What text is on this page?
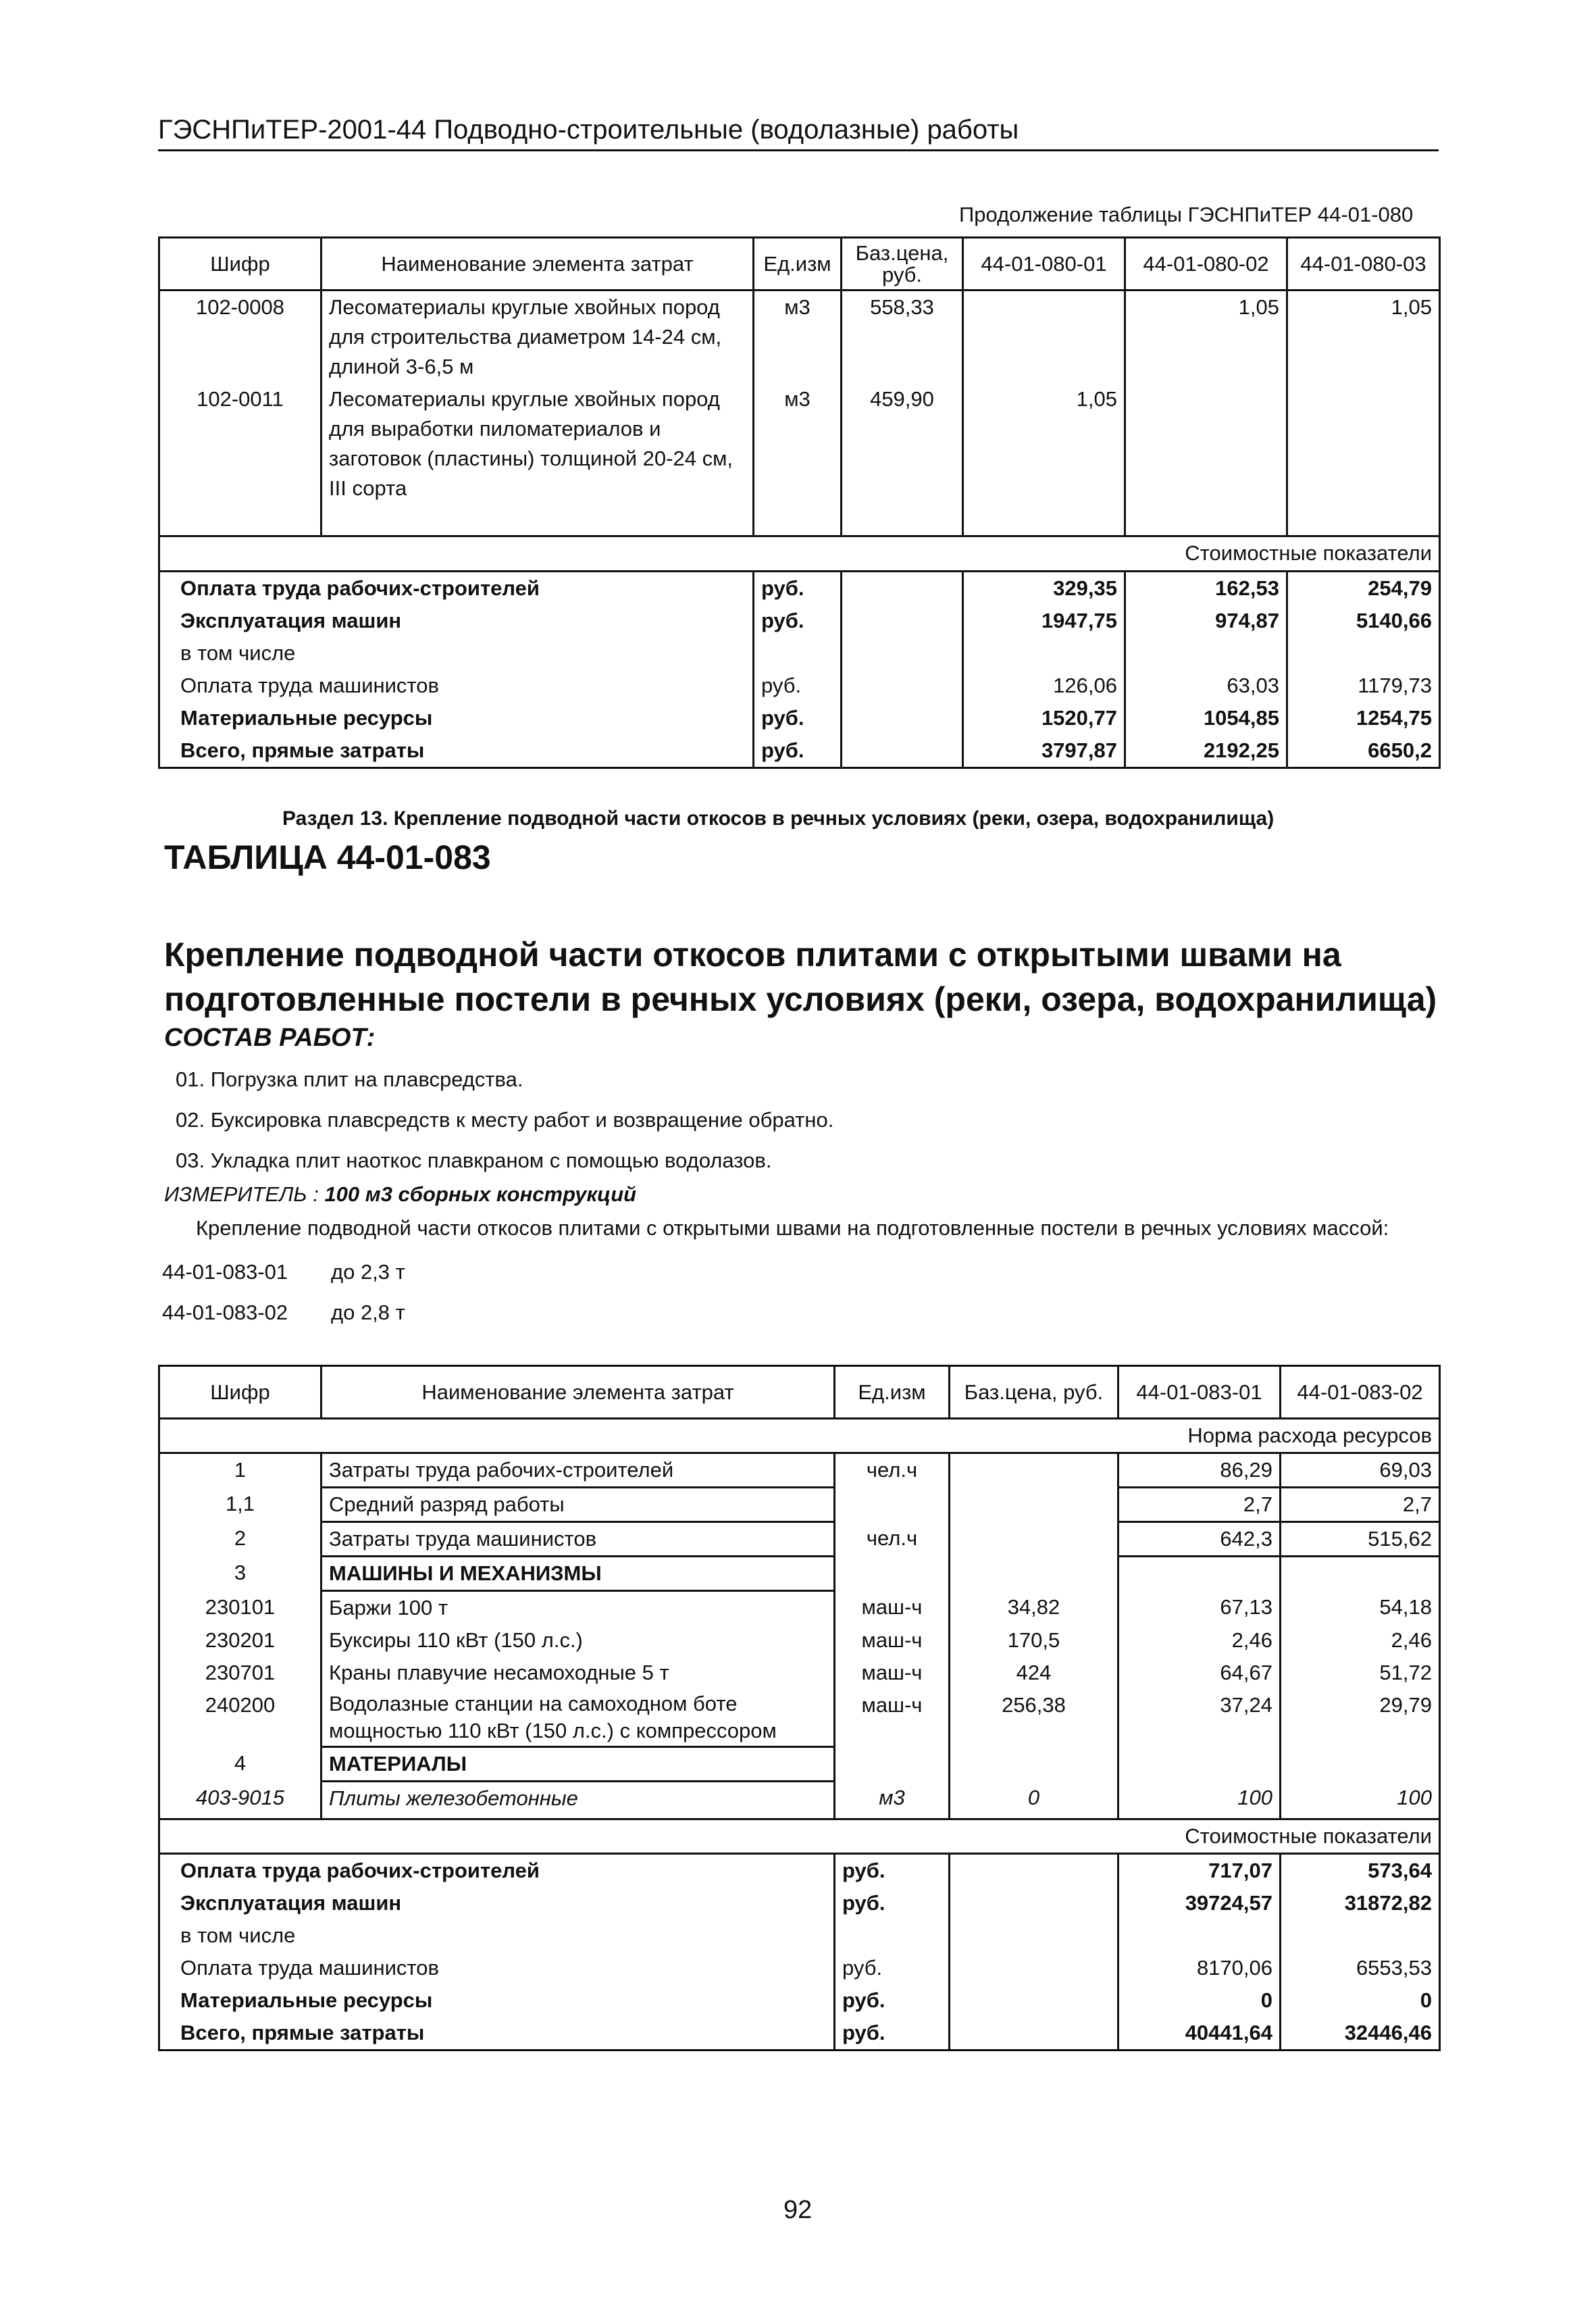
ГЭСНПиТЕР-2001-44 Подводно-строительные (водолазные) работы
Продолжение таблицы ГЭСНПиТЕР 44-01-080
Шифр	Наименование элемента затрат	Ед.изм	Баз.цена, руб.	44-01-080-01	44-01-080-02	44-01-080-03
102-0008	Лесоматериалы круглые хвойных пород для строительства диаметром 14-24 см, длиной 3-6,5 м	м3	558,33		1,05	1,05
102-0011	Лесоматериалы круглые хвойных пород для выработки пиломатериалов и заготовок (пластины) толщиной 20-24 см, III сорта	м3	459,90	1,05		
Стоимостные показатели						
Оплата труда рабочих-строителей		руб.		329,35	162,53	254,79
Эксплуатация машин		руб.		1947,75	974,87	5140,66
в том числе						
Оплата труда машинистов		руб.		126,06	63,03	1179,73
Материальные ресурсы		руб.		1520,77	1054,85	1254,75
Всего, прямые затраты		руб.		3797,87	2192,25	6650,2
Раздел 13. Крепление подводной части откосов в речных условиях (реки, озера, водохранилища)
ТАБЛИЦА 44-01-083
Крепление подводной части откосов плитами с открытыми швами на подготовленные постели в речных условиях (реки, озера, водохранилища)
СОСТАВ РАБОТ:
01. Погрузка плит на плавсредства.
02. Буксировка плавсредств к месту работ и возвращение обратно.
03. Укладка плит наоткос плавкраном с помощью водолазов.
ИЗМЕРИТЕЛЬ : 100 м3 сборных конструкций
Крепление подводной части откосов плитами с открытыми швами на подготовленные постели в речных условиях массой:
44-01-083-01 до 2,3 т
44-01-083-02 до 2,8 т
Шифр	Наименование элемента затрат	Ед.изм	Баз.цена, руб.	44-01-083-01	44-01-083-02
Норма расхода ресурсов					
1	Затраты труда рабочих-строителей	чел.ч		86,29	69,03
1,1	Средний разряд работы			2,7	2,7
2	Затраты труда машинистов	чел.ч		642,3	515,62
3	МАШИНЫ И МЕХАНИЗМЫ				
230101	Баржи 100 т	маш-ч	34,82	67,13	54,18
230201	Буксиры 110 кВт (150 л.с.)	маш-ч	170,5	2,46	2,46
230701	Краны плавучие несамоходные 5 т	маш-ч	424	64,67	51,72
240200	Водолазные станции на самоходном боте мощностью 110 кВт (150 л.с.) с компрессором	маш-ч	256,38	37,24	29,79
4	МАТЕРИАЛЫ				
403-9015	Плиты железобетонные	м3	0	100	100
Стоимостные показатели					
Оплата труда рабочих-строителей		руб.		717,07	573,64
Эксплуатация машин		руб.		39724,57	31872,82
в том числе					
Оплата труда машинистов		руб.		8170,06	6553,53
Материальные ресурсы		руб.		0	0
Всего, прямые затраты		руб.		40441,64	32446,46
92
